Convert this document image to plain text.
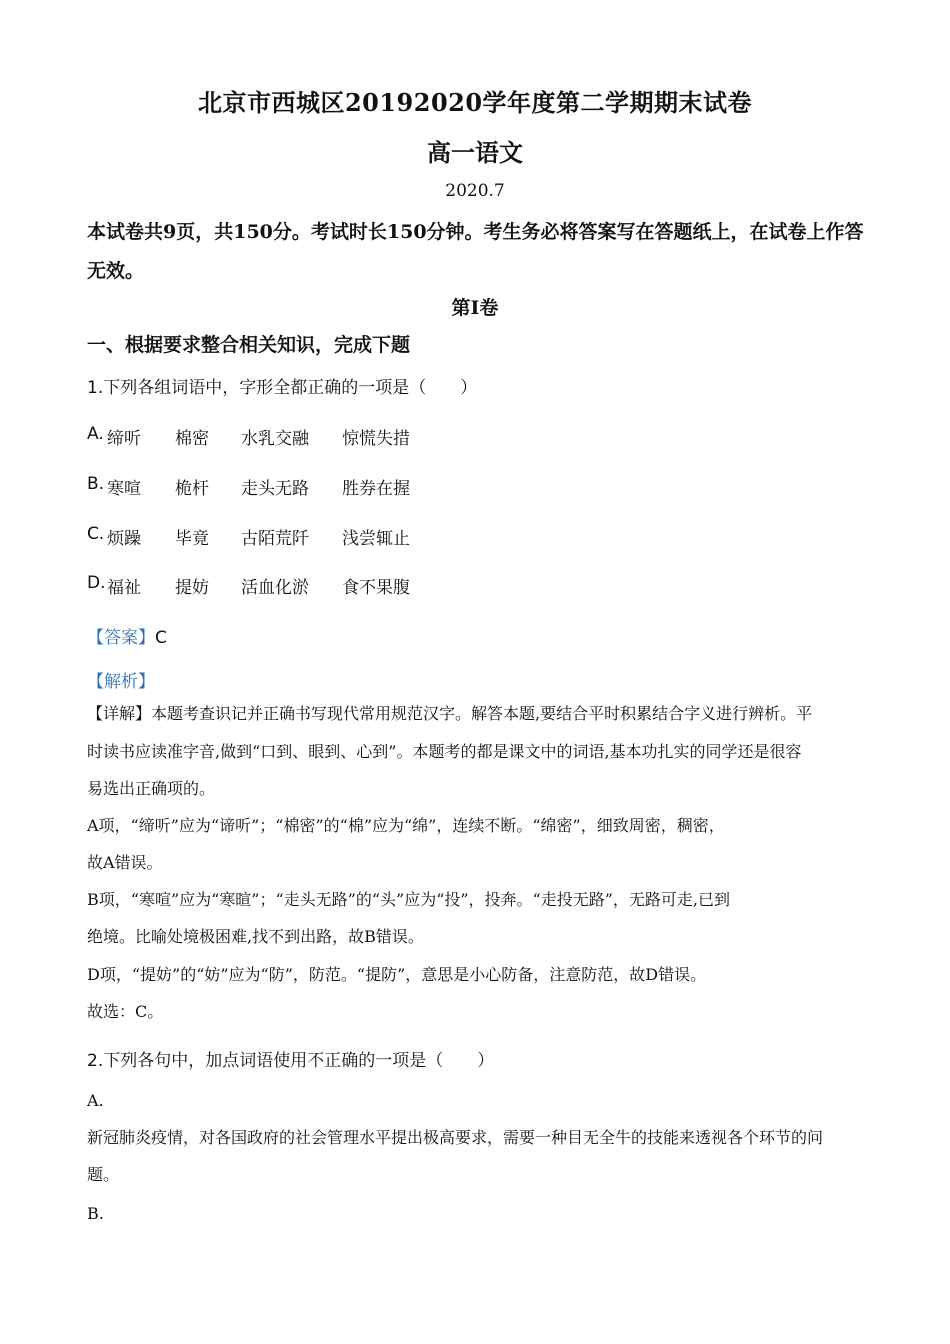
北京市西城区20192020学年度第二学期期末试卷
高一语文
2020.7
本试卷共9页，共150分。考试时长150分钟。考生务必将答案写在答题纸上，在试卷上作答
无效。
第Ⅰ卷
一、根据要求整合相关知识，完成下题
1.下列各组词语中，字形全都正确的一项是（　　）
A. 缔听 棉密 水乳交融 惊慌失措
B. 寒喧 桅杆 走头无路 胜券在握
C. 烦躁 毕竟 古陌荒阡 浅尝辄止
D. 福祉 提妨 活血化淤 食不果腹
【答案】C
【解析】
【详解】本题考查识记并正确书写现代常用规范汉字。解答本题,要结合平时积累结合字义进行辨析。平
时读书应读准字音,做到“口到、眼到、心到”。本题考的都是课文中的词语,基本功扎实的同学还是很容
易选出正确项的。
A项，“缔听”应为“谛听”；“棉密”的“棉”应为“绵”，连续不断。“绵密”，细致周密，稠密，
故A错误。
B项，“寒喧”应为“寒暄”；“走头无路”的“头”应为“投”，投奔。“走投无路”，无路可走,已到
绝境。比喻处境极困难,找不到出路，故B错误。
D项，“提妨”的“妨”应为“防”，防范。“提防”，意思是小心防备，注意防范，故D错误。
故选：C。
2.下列各句中，加点词语使用不正确的一项是（　　）
A.
新冠肺炎疫情，对各国政府的社会管理水平提出极高要求，需要一种目无全牛的技能来透视各个环节的问
题。
B.
